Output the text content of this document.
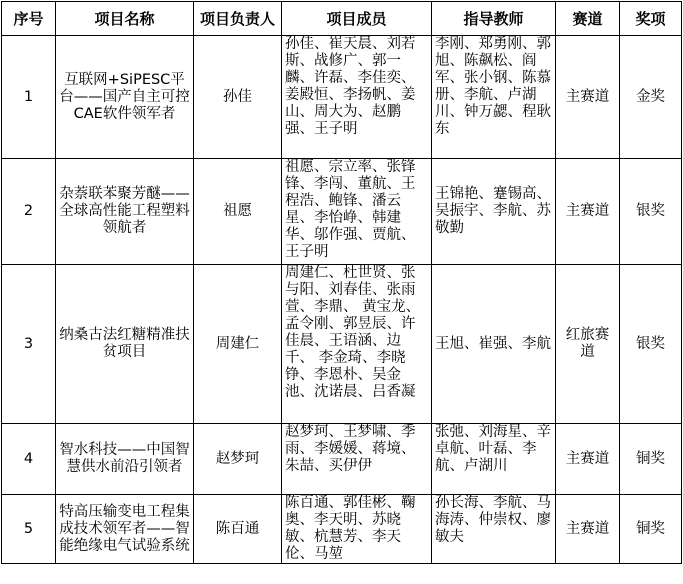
序号	项目名称	项目负责人	项目成员	指导教师	赛道	奖项
1	互联网+SiPESC平台——国产自主可控CAE软件领军者	孙佳	孙佳、崔天晨、刘若斯、战修广、郭一麟、许磊、李佳奕、姜殿恒、李扬帆、姜山、周大为、赵鹏强、王子明	李刚、郑勇刚、郭旭、陈飙松、阎军、张小钢、陈慕册、李航、卢湖川、钟万勰、程耿东	主赛道	金奖
2	杂萘联苯聚芳醚——全球高性能工程塑料领航者	祖愿	祖愿、宗立率、张锋锋、李闯、董航、王程浩、鲍锋、潘云星、李怡峥、韩建华、邬作强、贾航、王子明	王锦艳、蹇锡高、吴振宇、李航、苏敬勤	主赛道	银奖
3	纳桑古法红糖精准扶贫项目	周建仁	周建仁、杜世贤、张与阳、刘春佳、张雨萱、李鼎、 黄宝龙、孟令刚、郭昱辰、许佳晨、王语涵、边千、 李金琦、李晓铮、李恩朴、吴金池、沈诺晨、吕香凝	王旭、崔强、李航	红旅赛道	银奖
4	智水科技——中国智慧供水前沿引领者	赵梦珂	赵梦珂、王梦啸、季雨、李媛媛、蒋境、朱喆、买伊伊	张弛、刘海星、辛卓航、叶磊、李航、卢湖川	主赛道	铜奖
5	特高压输变电工程集成技术领军者——智能绝缘电气试验系统	陈百通	陈百通、郭佳彬、鞠奥、李天明、苏晓敏、杭慧芳、李天伦、马堃	孙长海、李航、马海涛、仲崇权、廖敏夫	主赛道	铜奖
